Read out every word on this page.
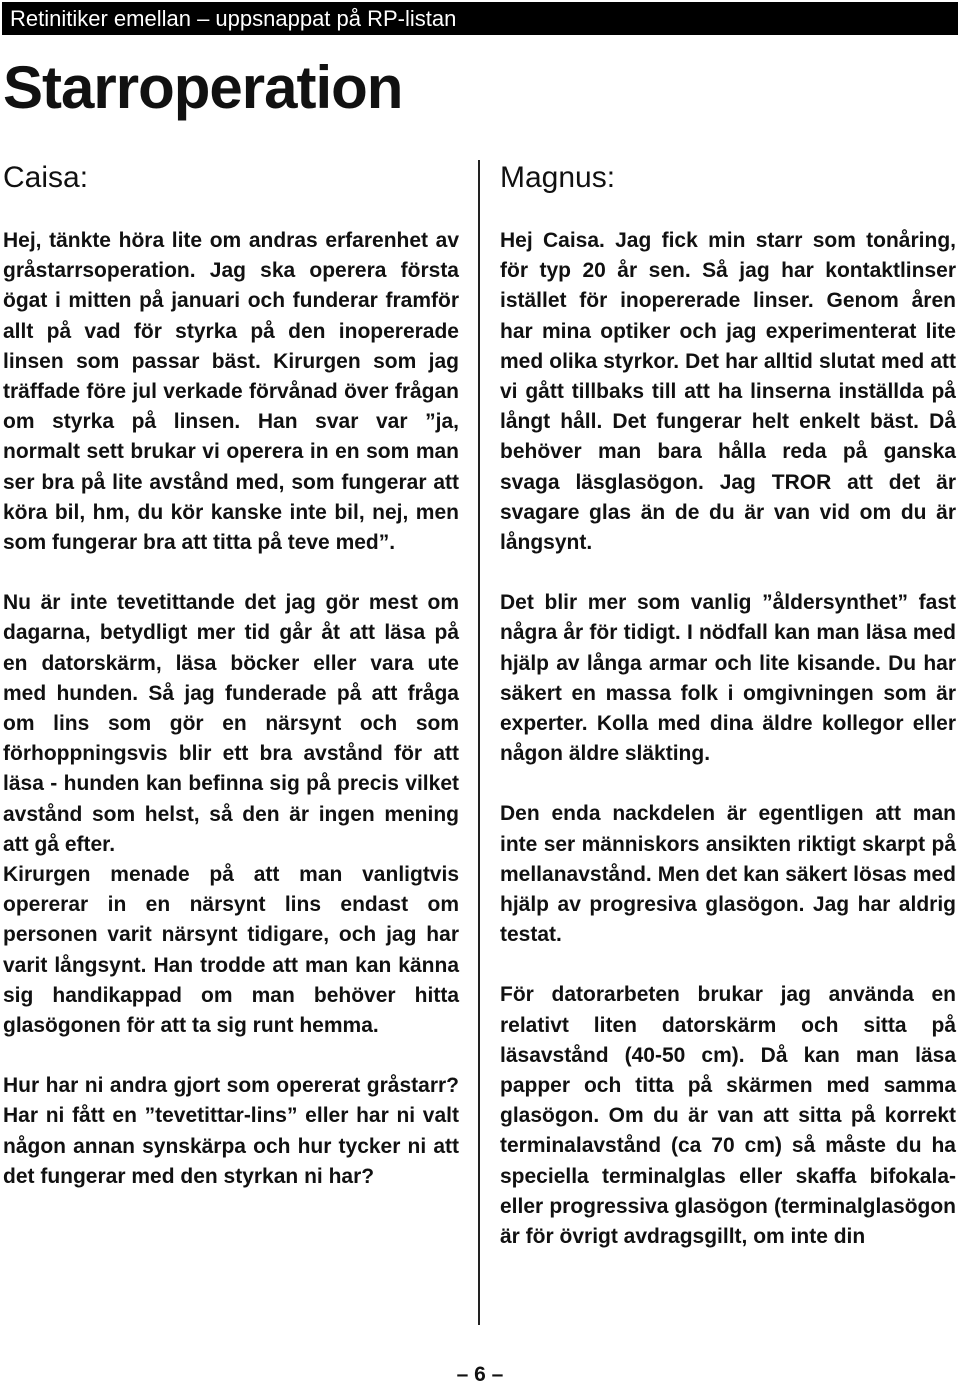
Retinitiker emellan – uppsnappat på RP-listan
Starroperation
Caisa:

Hej, tänkte höra lite om andras erfarenhet av gråstarrsoperation. Jag ska operera första ögat i mitten på januari och funderar framför allt på vad för styrka på den inopererade linsen som passar bäst. Kirurgen som jag träffade före jul verkade förvånad över frågan om styrka på linsen. Han svar var ”ja, normalt sett brukar vi operera in en som man ser bra på lite avstånd med, som fungerar att köra bil, hm, du kör kanske inte bil, nej, men som fungerar bra att titta på teve med”.

Nu är inte tevetittande det jag gör mest om dagarna, betydligt mer tid går åt att läsa på en datorskärm, läsa böcker eller vara ute med hunden. Så jag funderade på att fråga om lins som gör en närsynt och som förhoppningsvis blir ett bra avstånd för att läsa - hunden kan befinna sig på precis vilket avstånd som helst, så den är ingen mening att gå efter.

Kirurgen menade på att man vanligtvis opererar in en närsynt lins endast om personen varit närsynt tidigare, och jag har varit långsynt. Han trodde att man kan känna sig handikappad om man behöver hitta glasögonen för att ta sig runt hemma.

Hur har ni andra gjort som opererat gråstarr? Har ni fått en ”tevetittar-lins” eller har ni valt någon annan synskärpa och hur tycker ni att det fungerar med den styrkan ni har?

Magnus:

Hej Caisa. Jag fick min starr som tonåring, för typ 20 år sen. Så jag har kontaktlinser istället för inopererade linser. Genom åren har mina optiker och jag experimenterat lite med olika styrkor. Det har alltid slutat med att vi gått tillbaks till att ha linserna inställda på långt håll. Det fungerar helt enkelt bäst. Då behöver man bara hålla reda på ganska svaga läsglasögon. Jag TROR att det är svagare glas än de du är van vid om du är långsynt.

Det blir mer som vanlig ”åldersynthet” fast några år för tidigt. I nödfall kan man läsa med hjälp av långa armar och lite kisande. Du har säkert en massa folk i omgivningen som är experter. Kolla med dina äldre kollegor eller någon äldre släkting.

Den enda nackdelen är egentligen att man inte ser människors ansikten riktigt skarpt på mellanavstånd. Men det kan säkert lösas med hjälp av progresiva glasögon. Jag har aldrig testat.

För datorarbeten brukar jag använda en relativt liten datorskärm och sitta på läsavstånd (40-50 cm). Då kan man läsa papper och titta på skärmen med samma glasögon. Om du är van att sitta på korrekt terminalavstånd (ca 70 cm) så måste du ha speciella terminalglas eller skaffa bifokala- eller progressiva glasögon (terminalglasögon är för övrigt avdragsgillt, om inte din

– 6 –
